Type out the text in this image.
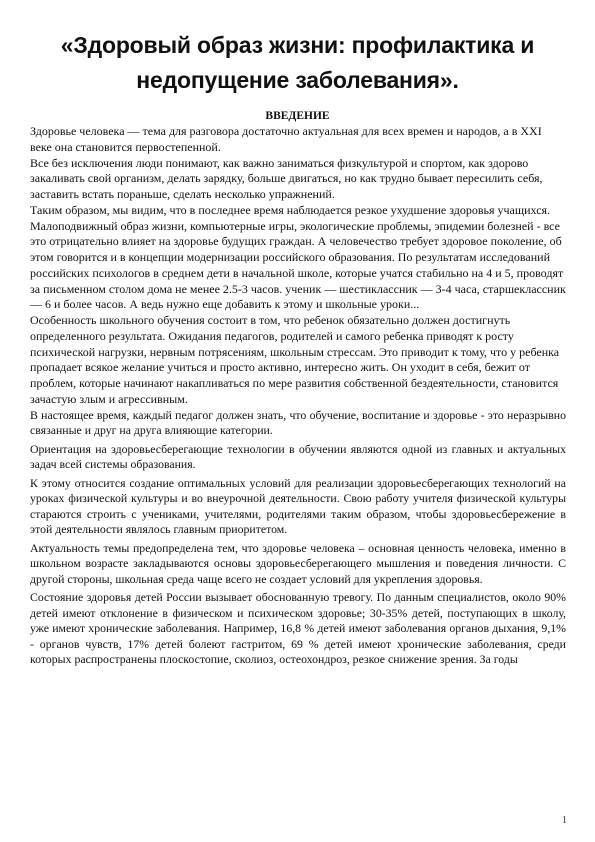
«Здоровый образ жизни: профилактика и недопущение заболевания».
ВВЕДЕНИЕ

Здоровье человека — тема для разговора достаточно актуальная для всех времен и народов, а в XXI веке она становится первостепенной.

Все без исключения люди понимают, как важно заниматься физкультурой и спортом, как здорово закаливать свой организм, делать зарядку, больше двигаться, но как трудно бывает пересилить себя, заставить встать пораньше, сделать несколько упражнений.

Таким образом, мы видим, что в последнее время наблюдается резкое ухудшение здоровья учащихся. Малоподвижный образ жизни, компьютерные игры, экологические проблемы, эпидемии болезней - все это отрицательно влияет на здоровье будущих граждан. А человечество требует здоровое поколение, об этом говорится и в концепции модернизации российского образования. По результатам исследований российских психологов в среднем дети в начальной школе, которые учатся стабильно на 4 и 5, проводят за письменном столом дома не менее 2.5-3 часов. ученик — шестиклассник — 3-4 часа, старшеклассник — 6 и более часов. А ведь нужно еще добавить к этому и школьные уроки...

Особенность школьного обучения состоит в том, что ребенок обязательно должен достигнуть определенного результата. Ожидания педагогов, родителей и самого ребенка приводят к росту психической нагрузки, нервным потрясениям, школьным стрессам. Это приводит к тому, что у ребенка пропадает всякое желание учиться и просто активно, интересно жить. Он уходит в себя, бежит от проблем, которые начинают накапливаться по мере развития собственной бездеятельности, становится зачастую злым и агрессивным.

В настоящее время, каждый педагог должен знать, что обучение, воспитание и здоровье - это неразрывно связанные и друг на друга влияющие категории.

Ориентация на здоровьесберегающие технологии в обучении являются одной из главных и актуальных задач всей системы образования.

К этому относится создание оптимальных условий для реализации здоровьесберегающих технологий на уроках физической культуры и во внеурочной деятельности. Свою работу учителя физической культуры стараются строить с учениками, учителями, родителями таким образом, чтобы здоровьесбережение в этой деятельности являлось главным приоритетом.

Актуальность темы предопределена тем, что здоровье человека – основная ценность человека, именно в школьном возрасте закладываются основы здоровьесберегающего мышления и поведения личности. С другой стороны, школьная среда чаще всего не создает условий для укрепления здоровья.

Состояние здоровья детей России вызывает обоснованную тревогу. По данным специалистов, около 90% детей имеют отклонение в физическом и психическом здоровье; 30-35% детей, поступающих в школу, уже имеют хронические заболевания. Например, 16,8 % детей имеют заболевания органов дыхания, 9,1% - органов чувств, 17% детей болеют гастритом, 69 % детей имеют хронические заболевания, среди которых распространены плоскостопие, сколиоз, остеохондроз, резкое снижение зрения. За годы

1
